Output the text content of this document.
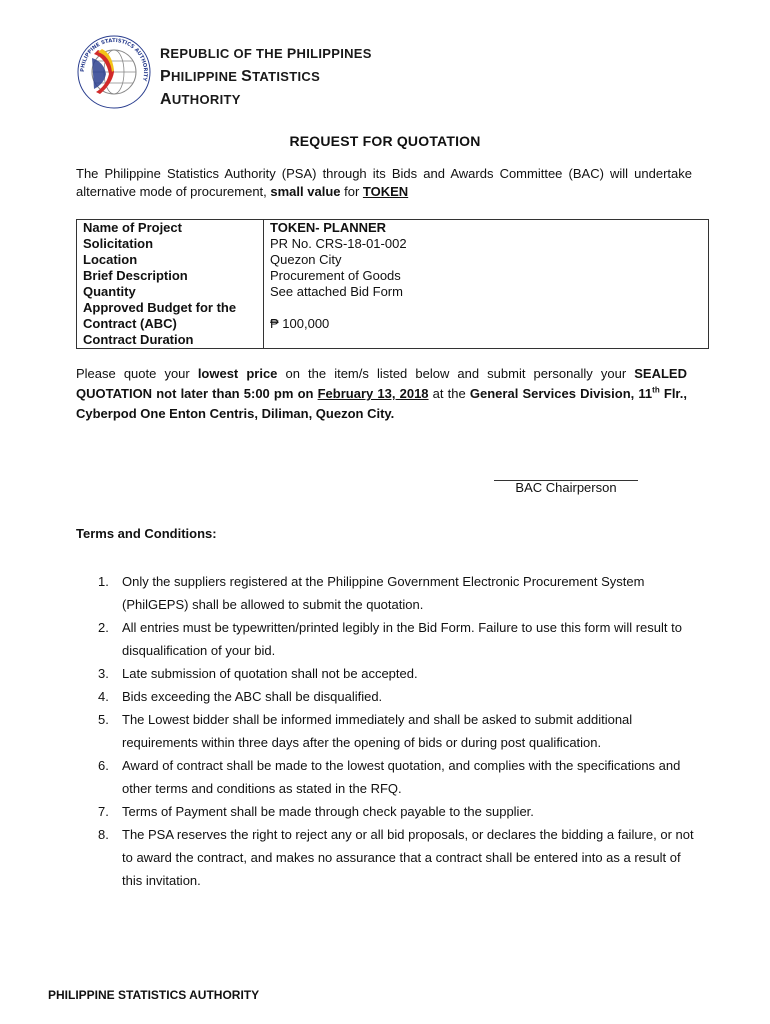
PHILIPPINE STATISTICS AUTHORITY
REPUBLIC OF THE PHILIPPINES
PHILIPPINE STATISTICS
AUTHORITY
REQUEST FOR QUOTATION
The Philippine Statistics Authority (PSA) through its Bids and Awards Committee (BAC) will undertake alternative mode of procurement, small value for TOKEN
Name of Project	TOKEN- PLANNER
Solicitation	PR No. CRS-18-01-002
Location	Quezon City
Brief Description	Procurement of Goods
Quantity	See attached Bid Form
Approved Budget for the Contract (ABC)	₱ 100,000
Contract Duration	
Please quote your lowest price on the item/s listed below and submit personally your SEALED QUOTATION not later than 5:00 pm on February 13, 2018 at the General Services Division, 11th Flr., Cyberpod One Enton Centris, Diliman, Quezon City.
BAC Chairperson
Terms and Conditions:
1. Only the suppliers registered at the Philippine Government Electronic Procurement System (PhilGEPS) shall be allowed to submit the quotation.
2. All entries must be typewritten/printed legibly in the Bid Form. Failure to use this form will result to disqualification of your bid.
3. Late submission of quotation shall not be accepted.
4. Bids exceeding the ABC shall be disqualified.
5. The Lowest bidder shall be informed immediately and shall be asked to submit additional requirements within three days after the opening of bids or during post qualification.
6. Award of contract shall be made to the lowest quotation, and complies with the specifications and other terms and conditions as stated in the RFQ.
7. Terms of Payment shall be made through check payable to the supplier.
8. The PSA reserves the right to reject any or all bid proposals, or declares the bidding a failure, or not to award the contract, and makes no assurance that a contract shall be entered into as a result of this invitation.
PHILIPPINE STATISTICS AUTHORITY
